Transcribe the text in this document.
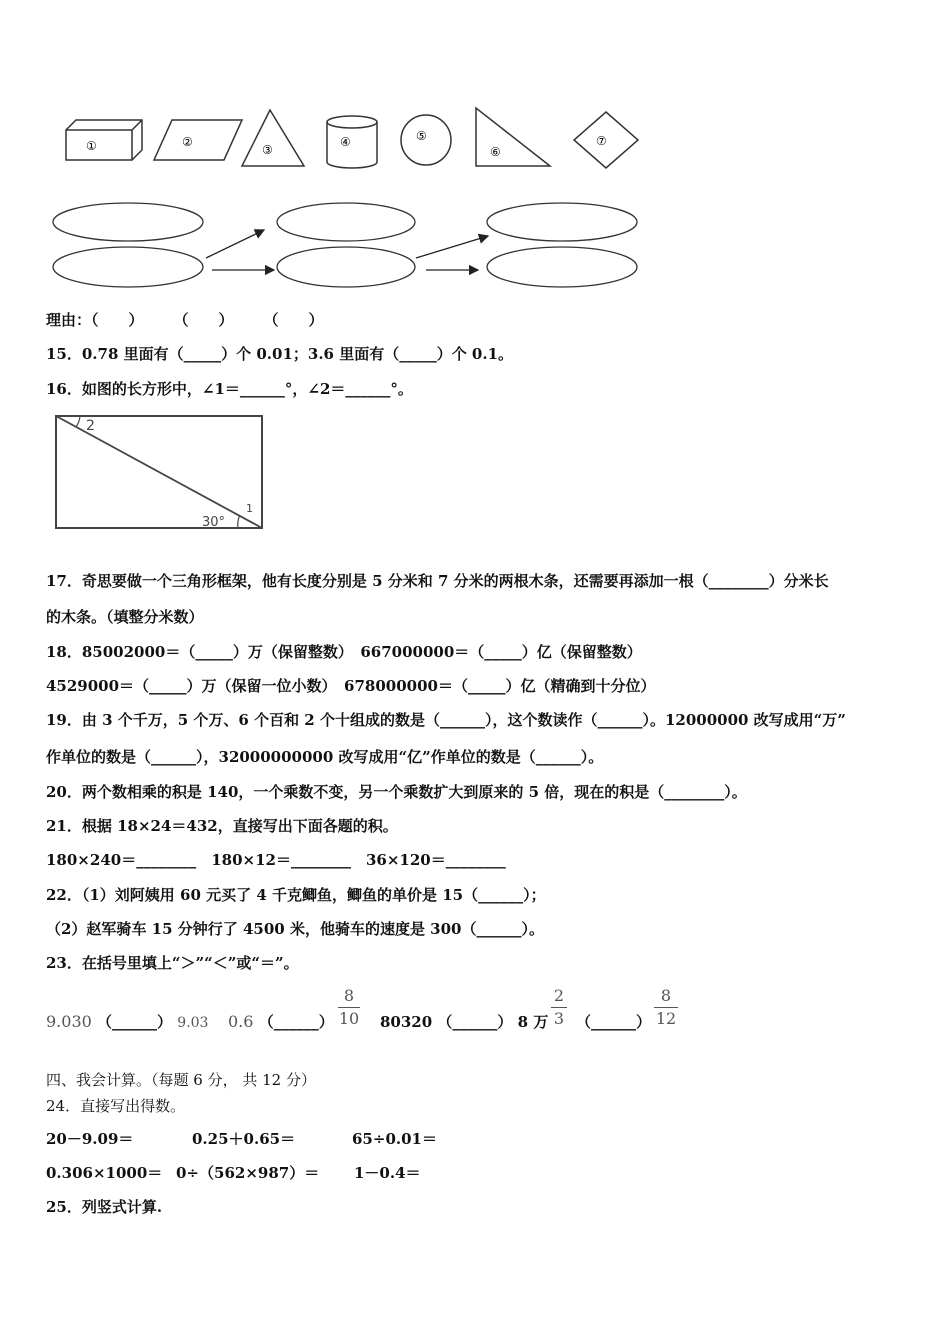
①	②
③
④	⑤
⑥
⑦
理由：（　　）　　　（　　）　　　（　　）
15．0.78 里面有（_____）个 0.01；3.6 里面有（_____）个 0.1。
16．如图的长方形中，∠1＝______°，∠2＝______°。
2
1
30°
17．奇思要做一个三角形框架，他有长度分别是 5 分米和 7 分米的两根木条，还需要再添加一根（________）分米长
的木条。（填整分米数）
18．85002000＝（_____）万（保留整数）　667000000＝（_____）亿（保留整数）
4529000＝（_____）万（保留一位小数）　678000000＝（_____）亿（精确到十分位）
19．由 3 个千万，5 个万、6 个百和 2 个十组成的数是（______），这个数读作（______）。12000000 改写成用“万”
作单位的数是（______），32000000000 改写成用“亿”作单位的数是（______）。
20．两个数相乘的积是 140，一个乘数不变，另一个乘数扩大到原来的 5 倍，现在的积是（________）。
21．根据 18×24＝432，直接写出下面各题的积。
180×240＝________　180×12＝________　36×120＝________
22．（1）刘阿姨用 60 元买了 4 千克鲫鱼，鲫鱼的单价是 15（______）；
（2）赵军骑车 15 分钟行了 4500 米，他骑车的速度是 300（______）。
23．在括号里填上“＞”“＜”或“＝”。
9.030 （______） 9.03 0.6 （______）
8
10 80320 （______） 8 万
2
3 （______）
8
12
四、我会计算。（每题 6 分， 共 12 分）
24．直接写出得数。
20－9.09＝	0.25＋0.65＝	65÷0.01＝
0.306×1000＝ 0÷（562×987）＝ 1－0.4＝
25．列竖式计算.
